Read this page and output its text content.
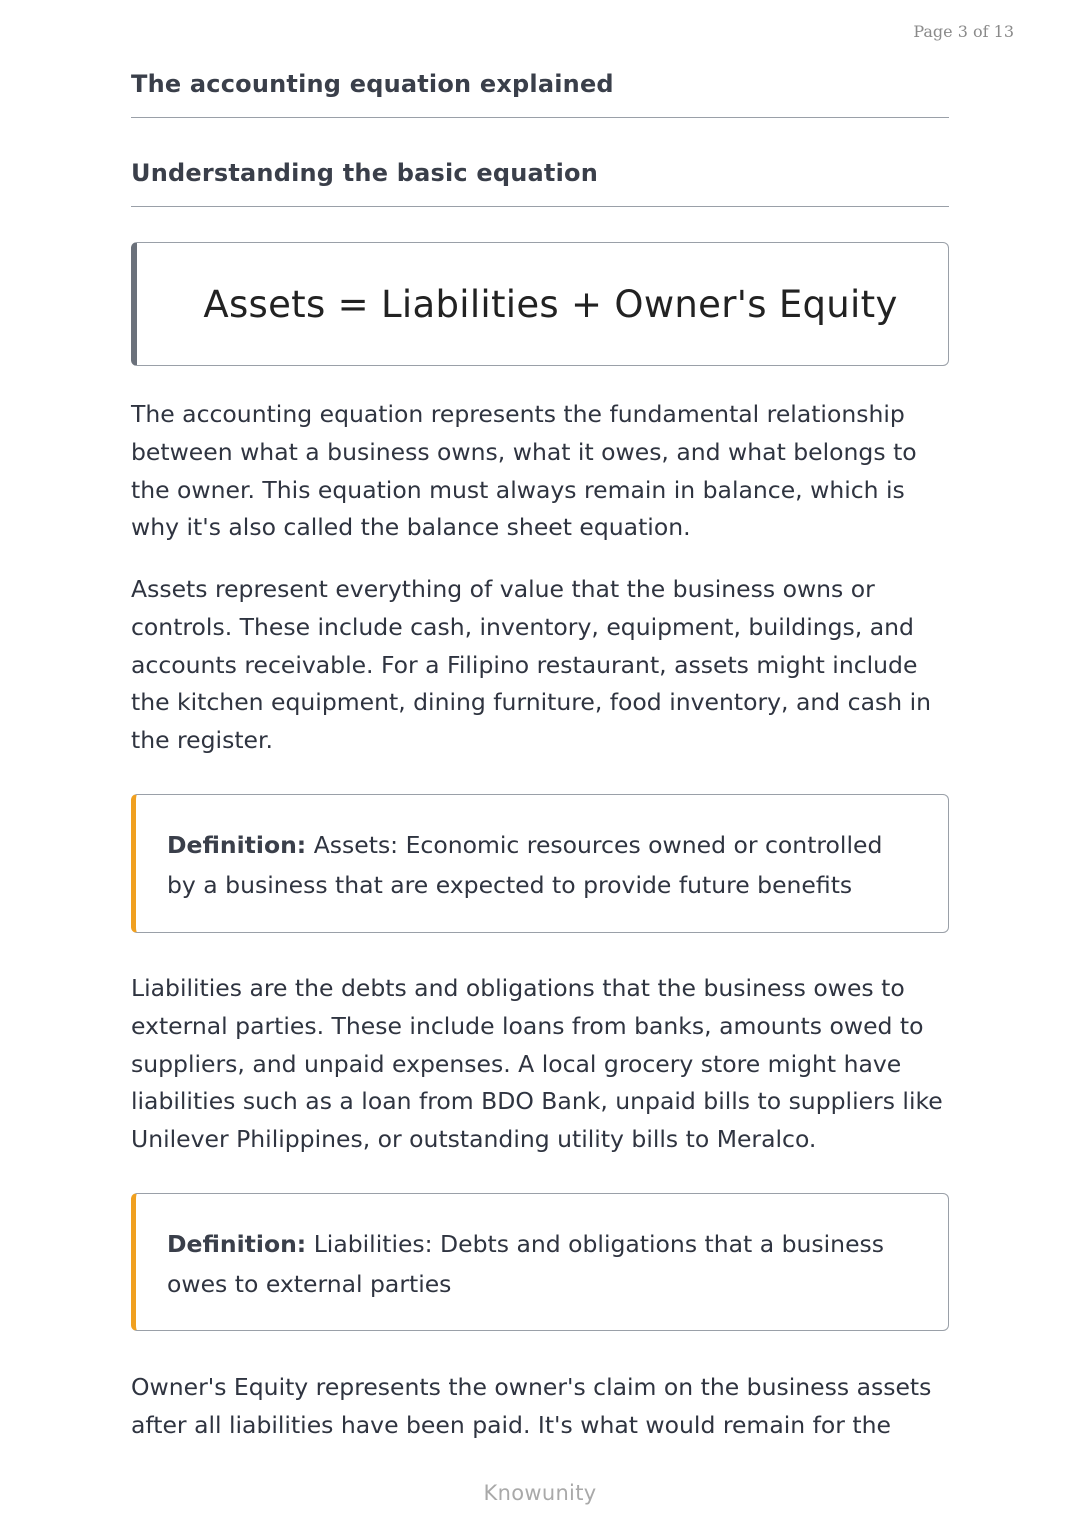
Page 3 of 13
The accounting equation explained
Understanding the basic equation
Assets = Liabilities + Owner's Equity

The accounting equation represents the fundamental relationship between what a business owns, what it owes, and what belongs to the owner. This equation must always remain in balance, which is why it's also called the balance sheet equation.

Assets represent everything of value that the business owns or controls. These include cash, inventory, equipment, buildings, and accounts receivable. For a Filipino restaurant, assets might include the kitchen equipment, dining furniture, food inventory, and cash in the register.

Definition: Assets: Economic resources owned or controlled by a business that are expected to provide future benefits

Liabilities are the debts and obligations that the business owes to external parties. These include loans from banks, amounts owed to suppliers, and unpaid expenses. A local grocery store might have liabilities such as a loan from BDO Bank, unpaid bills to suppliers like Unilever Philippines, or outstanding utility bills to Meralco.

Definition: Liabilities: Debts and obligations that a business owes to external parties

Owner's Equity represents the owner's claim on the business assets after all liabilities have been paid. It's what would remain for the

Knowunity
